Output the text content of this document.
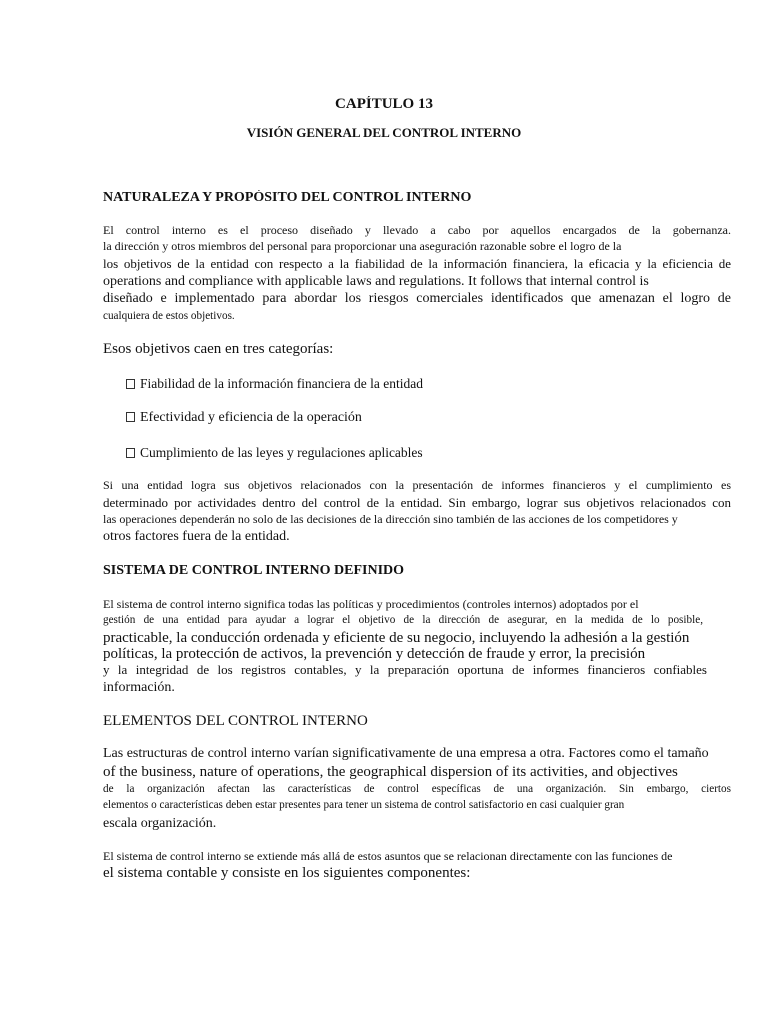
CAPÍTULO 13
VISIÓN GENERAL DEL CONTROL INTERNO
NATURALEZA Y PROPÓSITO DEL CONTROL INTERNO
El control interno es el proceso diseñado y llevado a cabo por aquellos encargados de la gobernanza.
la dirección y otros miembros del personal para proporcionar una aseguración razonable sobre el logro de la
los objetivos de la entidad con respecto a la fiabilidad de la información financiera, la eficacia y la eficiencia de
operations and compliance with applicable laws and regulations. It follows that internal control is
diseñado e implementado para abordar los riesgos comerciales identificados que amenazan el logro de
cualquiera de estos objetivos.
Esos objetivos caen en tres categorías:
Fiabilidad de la información financiera de la entidad
Efectividad y eficiencia de la operación
Cumplimiento de las leyes y regulaciones aplicables
Si una entidad logra sus objetivos relacionados con la presentación de informes financieros y el cumplimiento es
determinado por actividades dentro del control de la entidad. Sin embargo, lograr sus objetivos relacionados con
las operaciones dependerán no solo de las decisiones de la dirección sino también de las acciones de los competidores y
otros factores fuera de la entidad.
SISTEMA DE CONTROL INTERNO DEFINIDO
El sistema de control interno significa todas las políticas y procedimientos (controles internos) adoptados por el
gestión de una entidad para ayudar a lograr el objetivo de la dirección de asegurar, en la medida de lo posible,
practicable, la conducción ordenada y eficiente de su negocio, incluyendo la adhesión a la gestión
políticas, la protección de activos, la prevención y detección de fraude y error, la precisión
y la integridad de los registros contables, y la preparación oportuna de informes financieros confiables
información.
ELEMENTOS DEL CONTROL INTERNO
Las estructuras de control interno varían significativamente de una empresa a otra. Factores como el tamaño
of the business, nature of operations, the geographical dispersion of its activities, and objectives
de la organización afectan las características de control específicas de una organización. Sin embargo, ciertos
elementos o características deben estar presentes para tener un sistema de control satisfactorio en casi cualquier gran
escala organización.
El sistema de control interno se extiende más allá de estos asuntos que se relacionan directamente con las funciones de
el sistema contable y consiste en los siguientes componentes:
